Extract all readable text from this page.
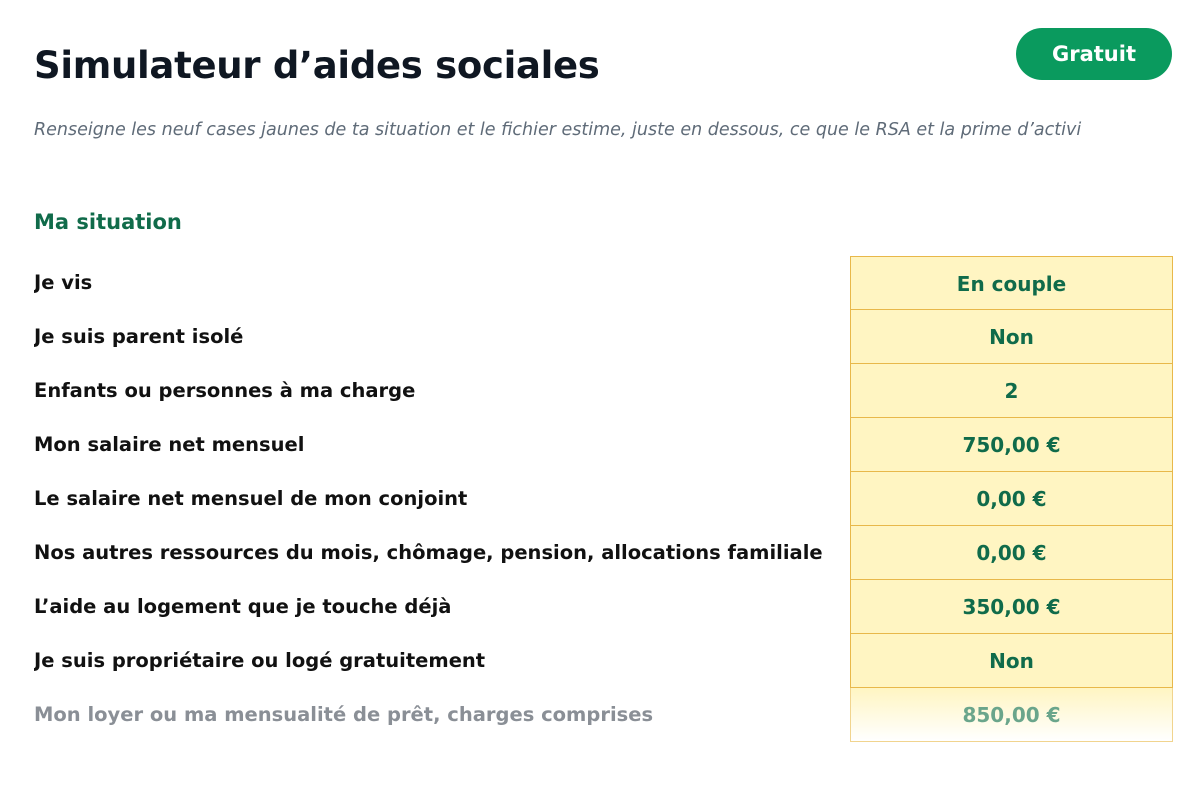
Simulateur d’aides sociales	Gratuit
Renseigne les neuf cases jaunes de ta situation et le fichier estime, juste en dessous, ce que le RSA et la prime d’activi
Ma situation
Je vis	En couple
Je suis parent isolé	Non
Enfants ou personnes à ma charge	2
Mon salaire net mensuel	750,00 €
Le salaire net mensuel de mon conjoint	0,00 €
Nos autres ressources du mois, chômage, pension, allocations familiale	0,00 €
L’aide au logement que je touche déjà	350,00 €
Je suis propriétaire ou logé gratuitement	Non
Mon loyer ou ma mensualité de prêt, charges comprises	850,00 €
